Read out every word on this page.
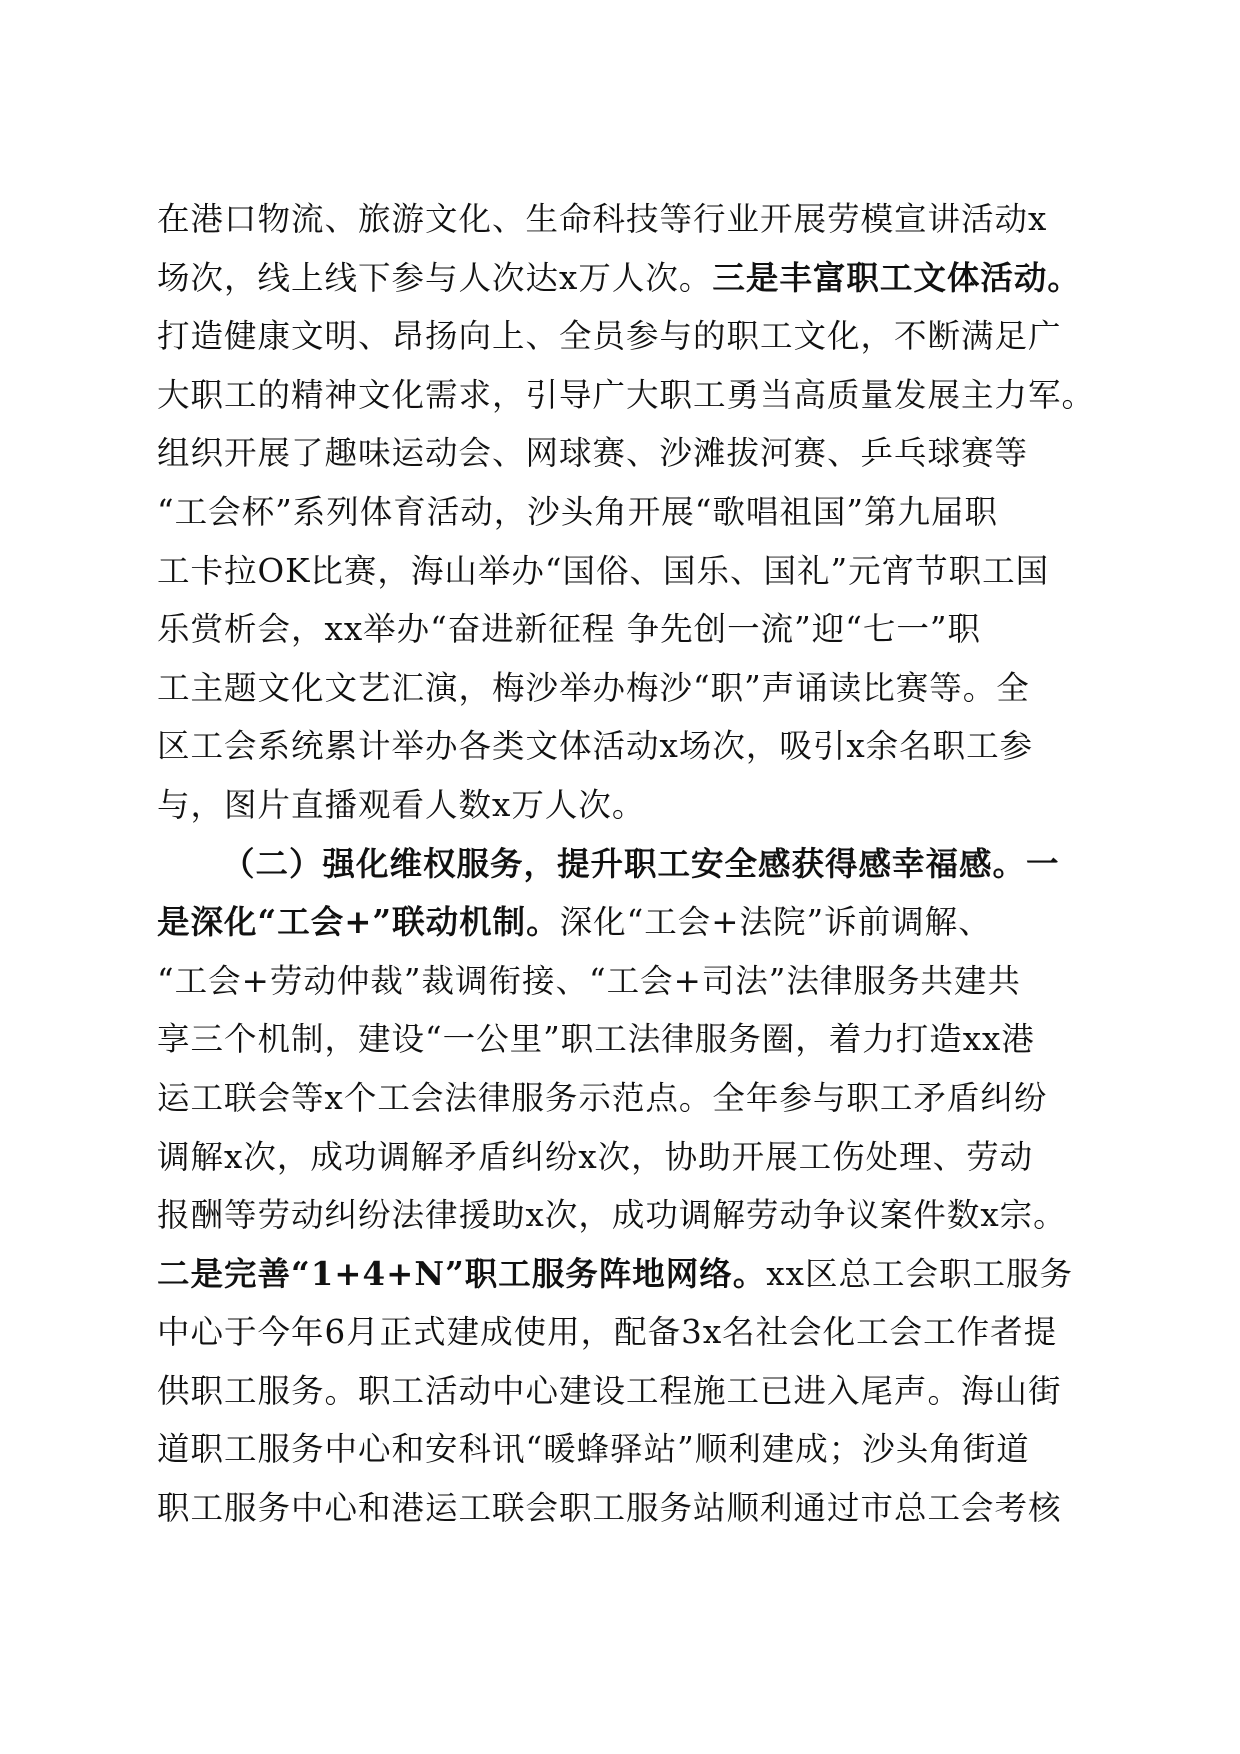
在港口物流、旅游文化、生命科技等行业开展劳模宣讲活动x
场次，线上线下参与人次达x万人次。三是丰富职工文体活动。
打造健康文明、昂扬向上、全员参与的职工文化，不断满足广
大职工的精神文化需求，引导广大职工勇当高质量发展主力军。
组织开展了趣味运动会、网球赛、沙滩拔河赛、乒乓球赛等
“工会杯”系列体育活动，沙头角开展“歌唱祖国”第九届职
工卡拉OK比赛，海山举办“国俗、国乐、国礼”元宵节职工国
乐赏析会，xx举办“奋进新征程 争先创一流”迎“七一”职
工主题文化文艺汇演，梅沙举办梅沙“职”声诵读比赛等。全
区工会系统累计举办各类文体活动x场次，吸引x余名职工参
与，图片直播观看人数x万人次。
（二）强化维权服务，提升职工安全感获得感幸福感。一
是深化“工会+”联动机制。深化“工会+法院”诉前调解、
“工会+劳动仲裁”裁调衔接、“工会+司法”法律服务共建共
享三个机制，建设“一公里”职工法律服务圈，着力打造xx港
运工联会等x个工会法律服务示范点。全年参与职工矛盾纠纷
调解x次，成功调解矛盾纠纷x次，协助开展工伤处理、劳动
报酬等劳动纠纷法律援助x次，成功调解劳动争议案件数x宗。
二是完善“1+4+N”职工服务阵地网络。xx区总工会职工服务
中心于今年6月正式建成使用，配备3x名社会化工会工作者提
供职工服务。职工活动中心建设工程施工已进入尾声。海山街
道职工服务中心和安科讯“暖蜂驿站”顺利建成；沙头角街道
职工服务中心和港运工联会职工服务站顺利通过市总工会考核
